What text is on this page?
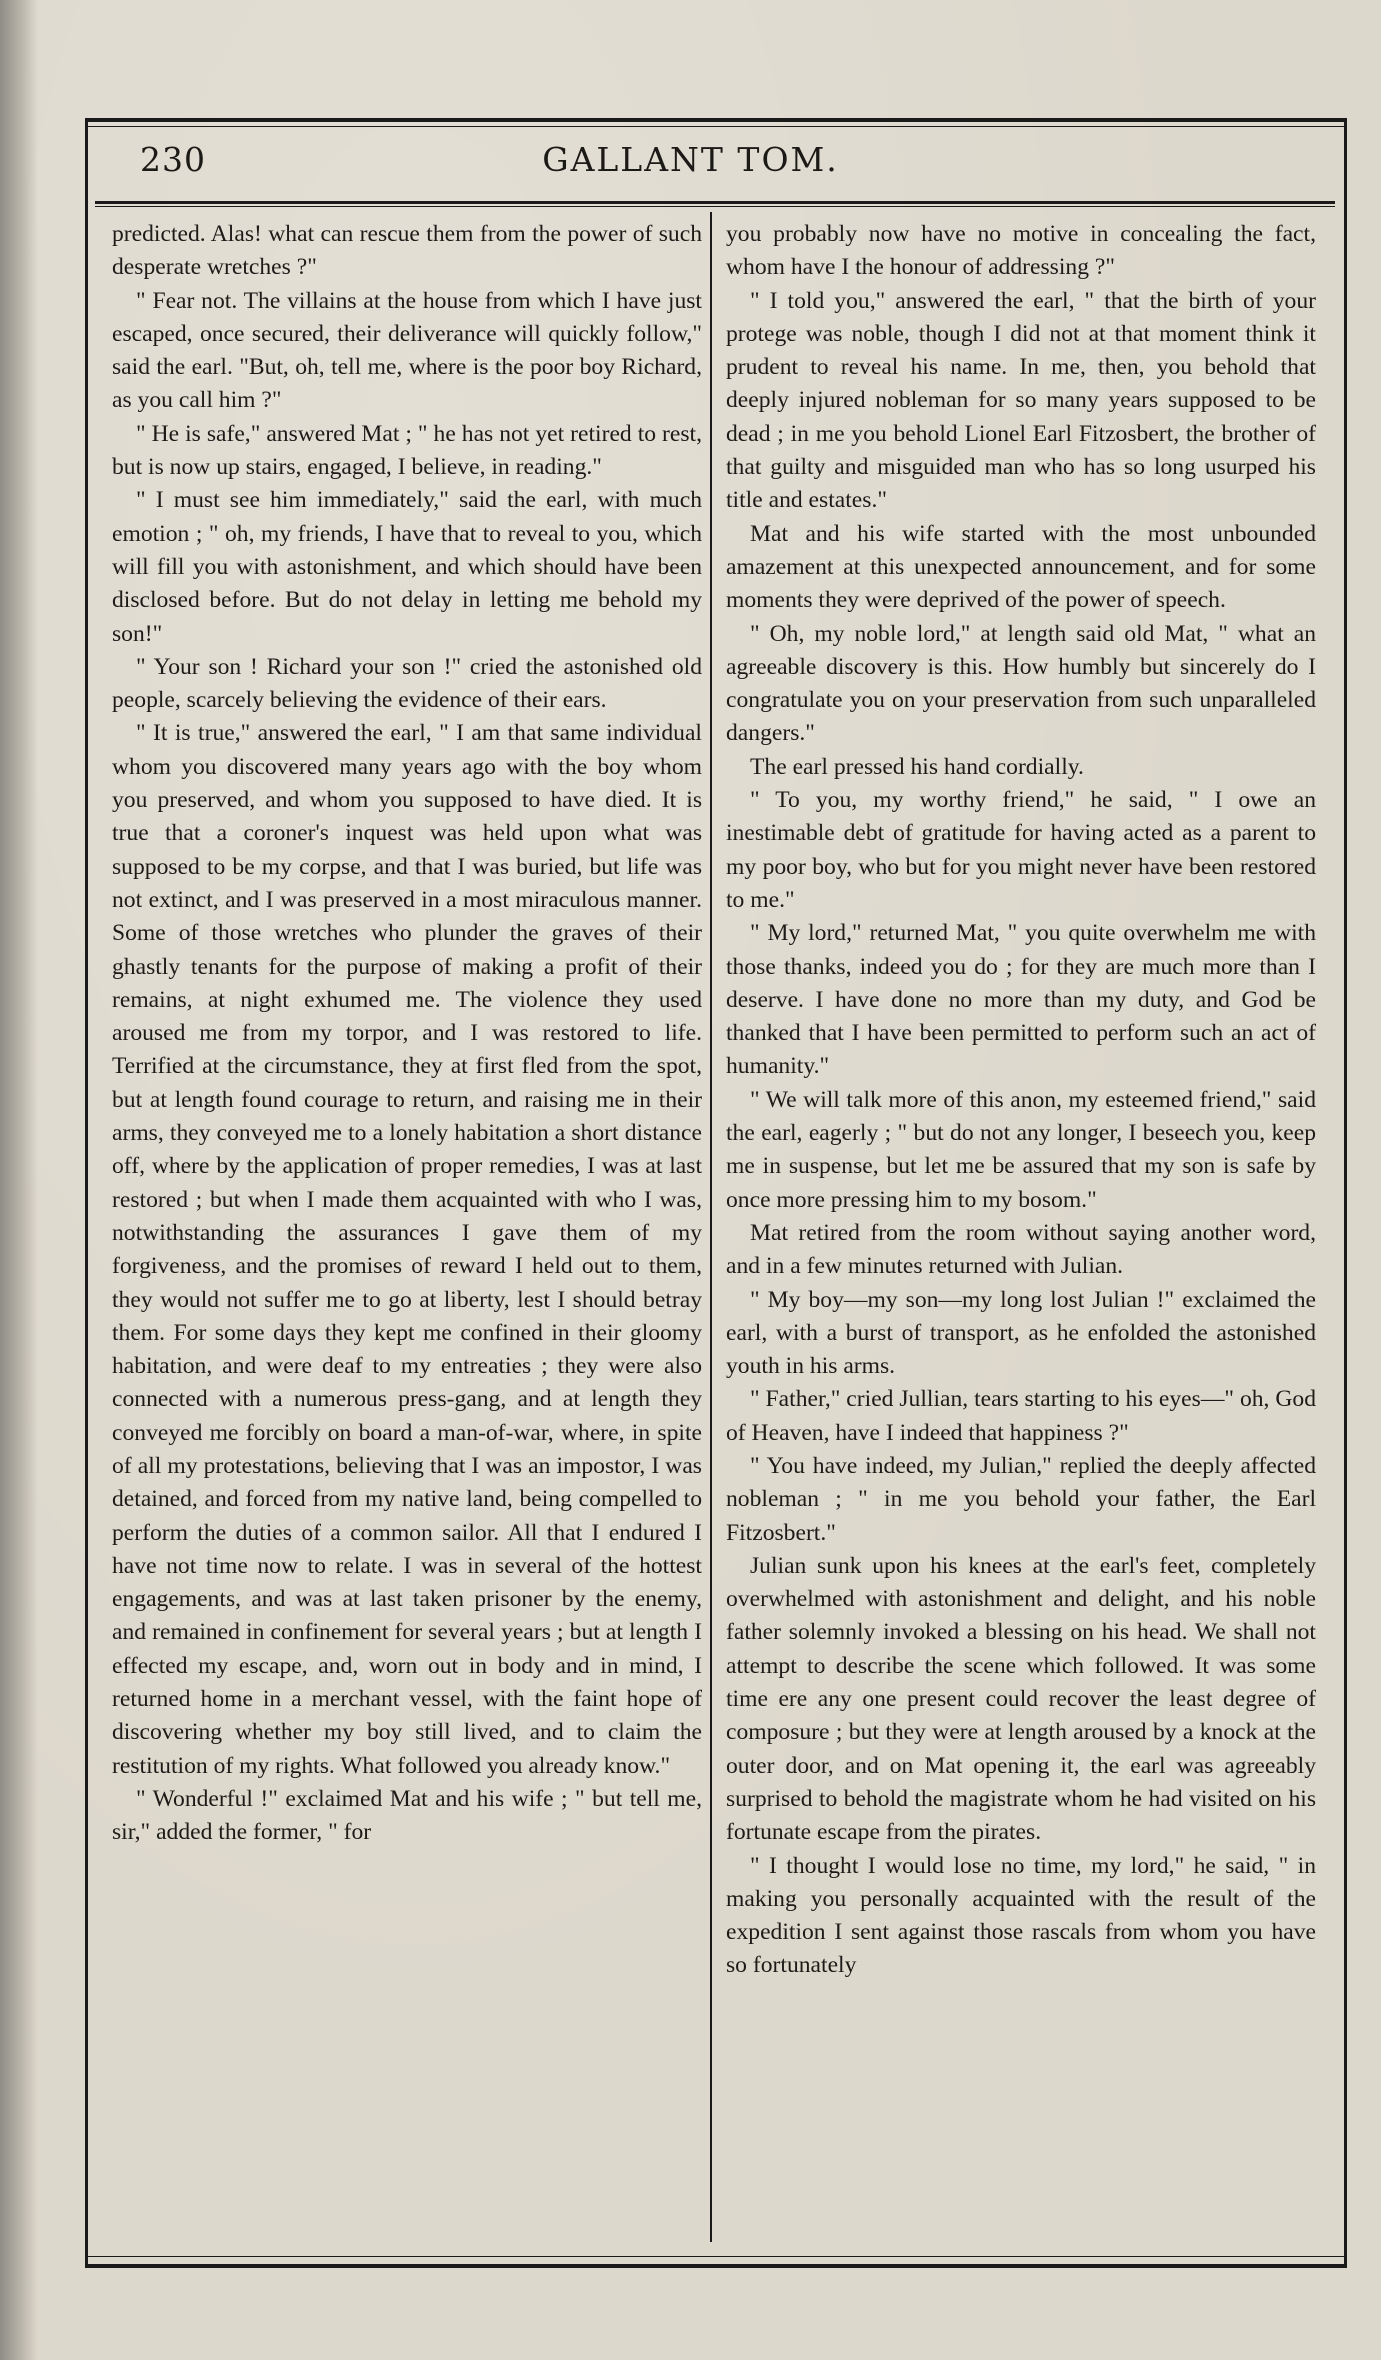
230	GALLANT TOM.

predicted. Alas! what can rescue them from the power of such desperate wretches ?"

" Fear not. The villains at the house from which I have just escaped, once secured, their deliverance will quickly follow," said the earl. "But, oh, tell me, where is the poor boy Richard, as you call him ?"

" He is safe," answered Mat ; " he has not yet retired to rest, but is now up stairs, engaged, I believe, in reading."

" I must see him immediately," said the earl, with much emotion ; " oh, my friends, I have that to reveal to you, which will fill you with astonishment, and which should have been disclosed before. But do not delay in letting me behold my son!"

" Your son ! Richard your son !" cried the astonished old people, scarcely believing the evidence of their ears.

" It is true," answered the earl, " I am that same individual whom you discovered many years ago with the boy whom you preserved, and whom you supposed to have died. It is true that a coroner's inquest was held upon what was supposed to be my corpse, and that I was buried, but life was not extinct, and I was preserved in a most miraculous manner. Some of those wretches who plunder the graves of their ghastly tenants for the purpose of making a profit of their remains, at night exhumed me. The violence they used aroused me from my torpor, and I was restored to life. Terrified at the circumstance, they at first fled from the spot, but at length found courage to return, and raising me in their arms, they conveyed me to a lonely habitation a short distance off, where by the application of proper remedies, I was at last restored ; but when I made them acquainted with who I was, notwithstanding the assurances I gave them of my forgiveness, and the promises of reward I held out to them, they would not suffer me to go at liberty, lest I should betray them. For some days they kept me confined in their gloomy habitation, and were deaf to my entreaties ; they were also connected with a numerous press-gang, and at length they conveyed me forcibly on board a man-of-war, where, in spite of all my protestations, believing that I was an impostor, I was detained, and forced from my native land, being compelled to perform the duties of a common sailor. All that I endured I have not time now to relate. I was in several of the hottest engagements, and was at last taken prisoner by the enemy, and remained in confinement for several years ; but at length I effected my escape, and, worn out in body and in mind, I returned home in a merchant vessel, with the faint hope of discovering whether my boy still lived, and to claim the restitution of my rights. What followed you already know."

" Wonderful !" exclaimed Mat and his wife ; " but tell me, sir," added the former, " for

you probably now have no motive in concealing the fact, whom have I the honour of addressing ?"

" I told you," answered the earl, " that the birth of your protege was noble, though I did not at that moment think it prudent to reveal his name. In me, then, you behold that deeply injured nobleman for so many years supposed to be dead ; in me you behold Lionel Earl Fitzosbert, the brother of that guilty and misguided man who has so long usurped his title and estates."

Mat and his wife started with the most unbounded amazement at this unexpected announcement, and for some moments they were deprived of the power of speech.

" Oh, my noble lord," at length said old Mat, " what an agreeable discovery is this. How humbly but sincerely do I congratulate you on your preservation from such unparalleled dangers."

The earl pressed his hand cordially.

" To you, my worthy friend," he said, " I owe an inestimable debt of gratitude for having acted as a parent to my poor boy, who but for you might never have been restored to me."

" My lord," returned Mat, " you quite overwhelm me with those thanks, indeed you do ; for they are much more than I deserve. I have done no more than my duty, and God be thanked that I have been permitted to perform such an act of humanity."

" We will talk more of this anon, my esteemed friend," said the earl, eagerly ; " but do not any longer, I beseech you, keep me in suspense, but let me be assured that my son is safe by once more pressing him to my bosom."

Mat retired from the room without saying another word, and in a few minutes returned with Julian.

" My boy—my son—my long lost Julian !" exclaimed the earl, with a burst of transport, as he enfolded the astonished youth in his arms.

" Father," cried Jullian, tears starting to his eyes—" oh, God of Heaven, have I indeed that happiness ?"

" You have indeed, my Julian," replied the deeply affected nobleman ; " in me you behold your father, the Earl Fitzosbert."

Julian sunk upon his knees at the earl's feet, completely overwhelmed with astonishment and delight, and his noble father solemnly invoked a blessing on his head. We shall not attempt to describe the scene which followed. It was some time ere any one present could recover the least degree of composure ; but they were at length aroused by a knock at the outer door, and on Mat opening it, the earl was agreeably surprised to behold the magistrate whom he had visited on his fortunate escape from the pirates.

" I thought I would lose no time, my lord," he said, " in making you personally acquainted with the result of the expedition I sent against those rascals from whom you have so fortunately
